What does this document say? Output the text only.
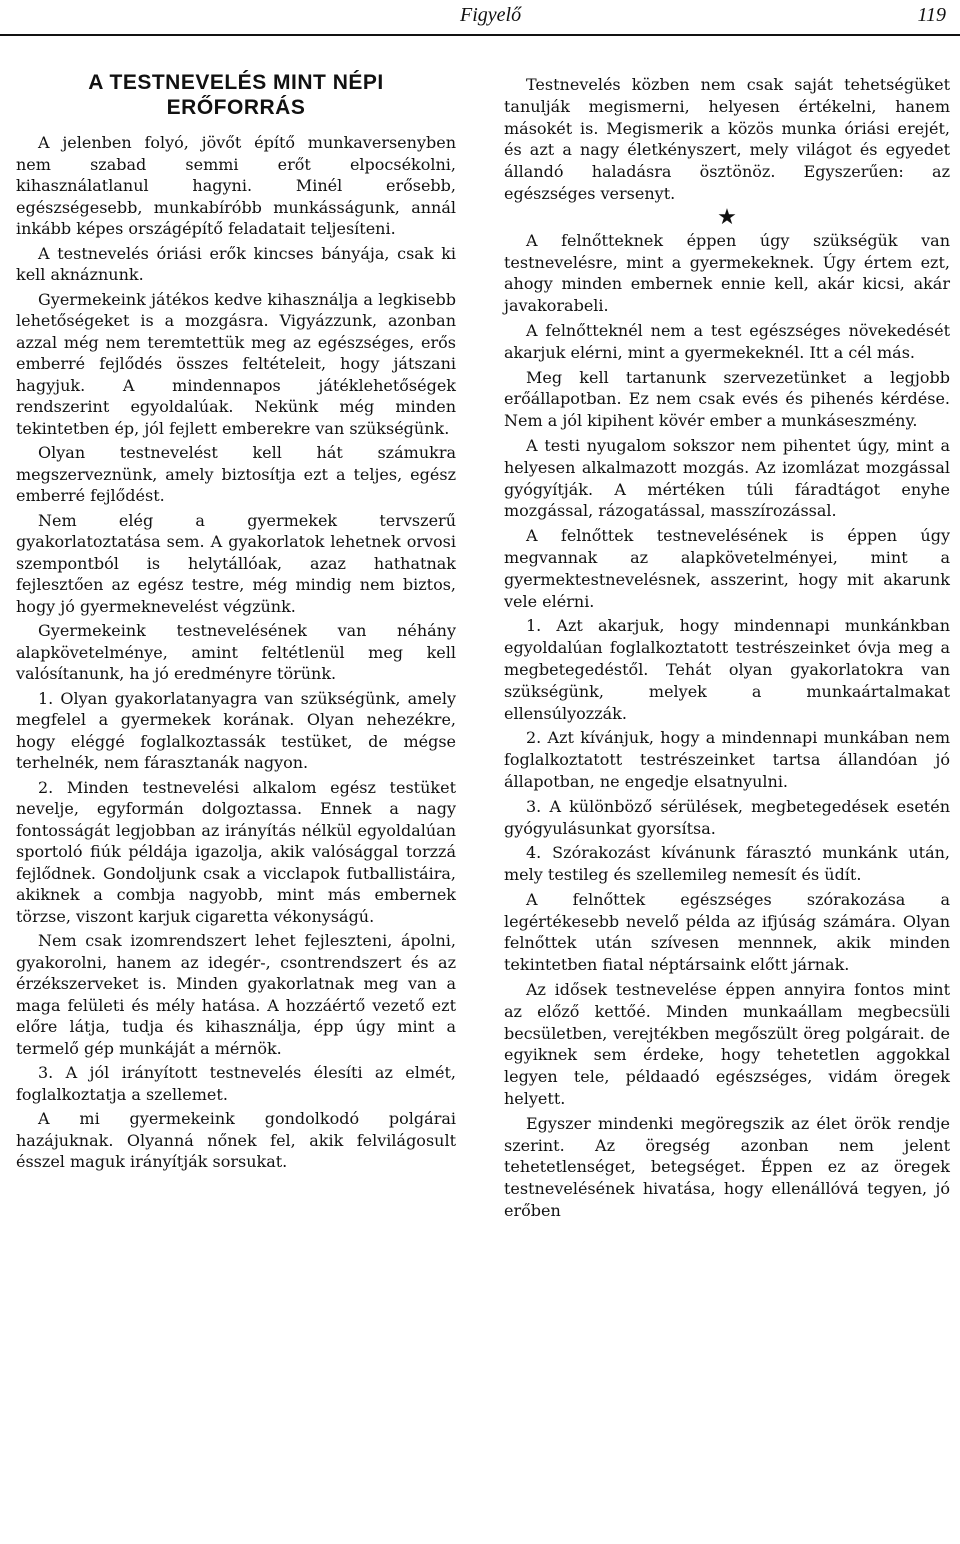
Figyelő	119
A TESTNEVELÉS MINT NÉPI
ERŐFORRÁS

A jelenben folyó, jövőt építő munkaversenyben nem szabad semmi erőt elpocsékolni, kihasználatlanul hagyni. Minél erősebb, egészségesebb, munkabíróbb munkásságunk, annál inkább képes országépítő feladatait teljesíteni.

A testnevelés óriási erők kincses bányája, csak ki kell aknáznunk.

Gyermekeink játékos kedve kihasználja a legkisebb lehetőségeket is a mozgásra. Vigyázzunk, azonban azzal még nem teremtettük meg az egészséges, erős emberré fejlődés összes feltételeit, hogy játszani hagyjuk. A mindennapos játéklehetőségek rendszerint egyoldalúak. Nekünk még minden tekintetben ép, jól fejlett emberekre van szükségünk.

Olyan testnevelést kell hát számukra megszerveznünk, amely biztosítja ezt a teljes, egész emberré fejlődést.

Nem elég a gyermekek tervszerű gyakorlatoztatása sem. A gyakorlatok lehetnek orvosi szempontból is helytállóak, azaz hathatnak fejlesztően az egész testre, még mindig nem biztos, hogy jó gyermeknevelést végzünk.

Gyermekeink testnevelésének van néhány alapkövetelménye, amint feltétlenül meg kell valósítanunk, ha jó eredményre törünk.

1. Olyan gyakorlatanyagra van szükségünk, amely megfelel a gyermekek korának. Olyan nehezékre, hogy eléggé foglalkoztassák testüket, de mégse terhelnék, nem fárasztanák nagyon.

2. Minden testnevelési alkalom egész testüket nevelje, egyformán dolgoztassa. Ennek a nagy fontosságát legjobban az irányítás nélkül egyoldalúan sportoló fiúk példája igazolja, akik valósággal torzzá fejlődnek. Gondoljunk csak a vicclapok futballistáira, akiknek a combja nagyobb, mint más embernek törzse, viszont karjuk cigaretta vékonyságú.

Nem csak izomrendszert lehet fejleszteni, ápolni, gyakorolni, hanem az idegér-, csontrendszert és az érzékszerveket is. Minden gyakorlatnak meg van a maga felületi és mély hatása. A hozzáértő vezető ezt előre látja, tudja és kihasználja, épp úgy mint a termelő gép munkáját a mérnök.

3. A jól irányított testnevelés élesíti az elmét, foglalkoztatja a szellemet.

A mi gyermekeink gondolkodó polgárai hazájuknak. Olyanná nőnek fel, akik felvilágosult ésszel maguk irányítják sorsukat.

Testnevelés közben nem csak saját tehetségüket tanulják megismerni, helyesen értékelni, hanem másokét is. Megismerik a közös munka óriási erejét, és azt a nagy életkényszert, mely világot és egyedet állandó haladásra ösztönöz. Egyszerűen: az egészséges versenyt.

★

A felnőtteknek éppen úgy szükségük van testnevelésre, mint a gyermekeknek. Úgy értem ezt, ahogy minden embernek ennie kell, akár kicsi, akár javakorabeli.

A felnőtteknél nem a test egészséges növekedését akarjuk elérni, mint a gyermekeknél. Itt a cél más.

Meg kell tartanunk szervezetünket a legjobb erőállapotban. Ez nem csak evés és pihenés kérdése. Nem a jól kipihent kövér ember a munkáseszmény.

A testi nyugalom sokszor nem pihentet úgy, mint a helyesen alkalmazott mozgás. Az izomlázat mozgással gyógyítják. A mértéken túli fáradtágot enyhe mozgással, rázogatással, masszírozással.

A felnőttek testnevelésének is éppen úgy megvannak az alapkövetelményei, mint a gyermektestnevelésnek, asszerint, hogy mit akarunk vele elérni.

1. Azt akarjuk, hogy mindennapi munkánkban egyoldalúan foglalkoztatott testrészeinket óvja meg a megbetegedéstől. Tehát olyan gyakorlatokra van szükségünk, melyek a munkaártalmakat ellensúlyozzák.

2. Azt kívánjuk, hogy a mindennapi munkában nem foglalkoztatott testrészeinket tartsa állandóan jó állapotban, ne engedje elsatnyulni.

3. A különböző sérülések, megbetegedések esetén gyógyulásunkat gyorsítsa.

4. Szórakozást kívánunk fárasztó munkánk után, mely testileg és szellemileg nemesít és üdít.

A felnőttek egészséges szórakozása a legértékesebb nevelő példa az ifjúság számára. Olyan felnőttek után szívesen mennnek, akik minden tekintetben fiatal néptársaink előtt járnak.

Az idősek testnevelése éppen annyira fontos mint az előző kettőé. Minden munkaállam megbecsüli becsületben, verejtékben megőszült öreg polgárait. de egyiknek sem érdeke, hogy tehetetlen aggokkal legyen tele, példaadó egészséges, vidám öregek helyett.

Egyszer mindenki megöregszik az élet örök rendje szerint. Az öregség azonban nem jelent tehetetlenséget, betegséget. Éppen ez az öregek testnevelésének hivatása, hogy ellenállóvá tegyen, jó erőben
